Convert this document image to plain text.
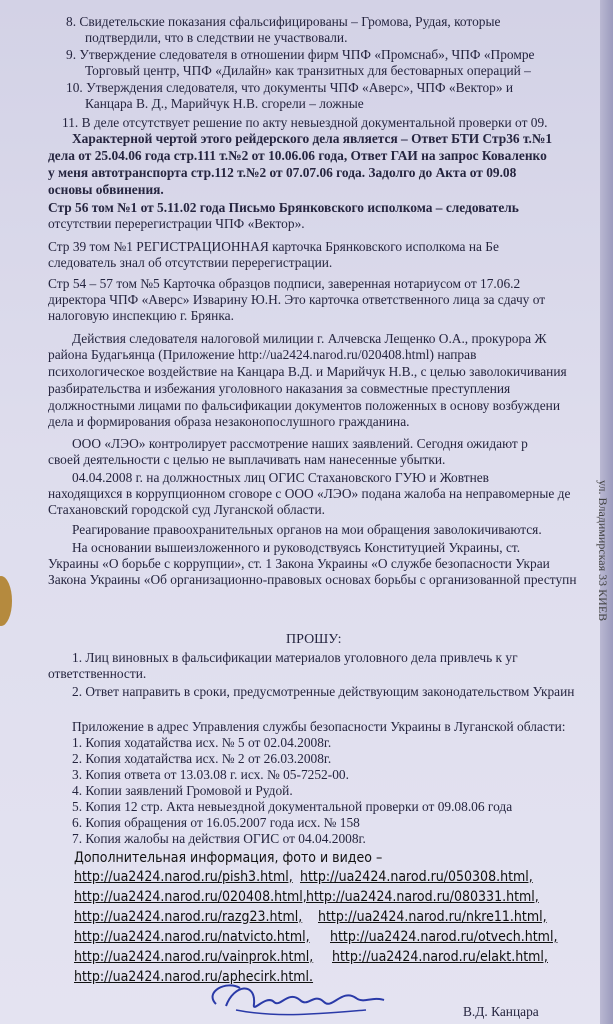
8. Свидетельские показания сфальсифицированы – Громова, Рудая, которые
подтвердили, что в следствии не участвовали.
9. Утверждение следователя в отношении фирм ЧПФ «Промснаб», ЧПФ «Промре
Торговый центр, ЧПФ «Дилайн» как транзитных для бестоварных операций –
10. Утверждения следователя, что документы ЧПФ «Аверс», ЧПФ «Вектор» и
Канцара В. Д., Марийчук Н.В. сгорели – ложные
11. В деле отсутствует решение по акту невыездной документальной проверки от 09.
Характерной чертой этого рейдерского дела является – Ответ БТИ Стр36 т.№1
дела от 25.04.06 года стр.111 т.№2 от 10.06.06 года, Ответ ГАИ на запрос Коваленко
у меня автотранспорта стр.112 т.№2 от 07.07.06 года. Задолго до Акта от 09.08
основы обвинения.
Стр 56 том №1 от 5.11.02 года Письмо Брянковского исполкома – следователь
отсутствии перерегистрации ЧПФ «Вектор».
Стр 39 том №1 РЕГИСТРАЦИОННАЯ карточка Брянковского исполкома на Бе
следователь знал об отсутствии перерегистрации.
Стр 54 – 57 том №5 Карточка образцов подписи, заверенная нотариусом от 17.06.2
директора ЧПФ «Аверс» Изварину Ю.Н. Это карточка ответственного лица за сдачу от
налоговую инспекцию г. Брянка.
Действия следователя налоговой милиции г. Алчевска Лещенко О.А., прокурора Ж
района Будагьянца (Приложение http://ua2424.narod.ru/020408.html) направ
психологическое воздействие на Канцара В.Д. и Марийчук Н.В., с целью заволокичивания
разбирательства и избежания уголовного наказания за совместные преступления
должностными лицами по фальсификации документов положенных в основу возбуждени
дела и формирования образа незаконопослушного гражданина.
ООО «ЛЭО» контролирует рассмотрение наших заявлений. Сегодня ожидают р
своей деятельности с целью не выплачивать нам нанесенные убытки.
04.04.2008 г. на должностных лиц ОГИС Стахановского ГУЮ и Жовтнев
находящихся в коррупционном сговоре с ООО «ЛЭО» подана жалоба на неправомерные де
Стахановский городской суд Луганской области.
Реагирование правоохранительных органов на мои обращения заволокичиваются.
На основании вышеизложенного и руководствуясь Конституцией Украины, ст.
Украины «О борьбе с коррупции», ст. 1 Закона Украины «О службе безопасности Украи
Закона Украины «Об организационно-правовых основах борьбы с организованной преступн
ПРОШУ:
1. Лиц виновных в фальсификации материалов уголовного дела привлечь к уг
ответственности.
2. Ответ направить в сроки, предусмотренные действующим законодательством Украин
Приложение в адрес Управления службы безопасности Украины в Луганской области:
1. Копия ходатайства исх. № 5 от 02.04.2008г.
2. Копия ходатайства исх. № 2 от 26.03.2008г.
3. Копия ответа от 13.03.08 г. исх. № 05-7252-00.
4. Копии заявлений Громовой и Рудой.
5. Копия 12 стр. Акта невыездной документальной проверки от 09.08.06 года
6. Копия обращения от 16.05.2007 года исх. № 158
7. Копия жалобы на действия ОГИС от 04.04.2008г.
Дополнительная информация, фото и видео –
http://ua2424.narod.ru/pish3.html, http://ua2424.narod.ru/050308.html,
http://ua2424.narod.ru/020408.html, http://ua2424.narod.ru/080331.html,
http://ua2424.narod.ru/razg23.html, http://ua2424.narod.ru/nkre11.html,
http://ua2424.narod.ru/natvicto.html, http://ua2424.narod.ru/otvech.html,
http://ua2424.narod.ru/vainprok.html, http://ua2424.narod.ru/elakt.html,
http://ua2424.narod.ru/aphecirk.html.
В.Д. Канцара
ул. Владимирская 33 КИЕВ
